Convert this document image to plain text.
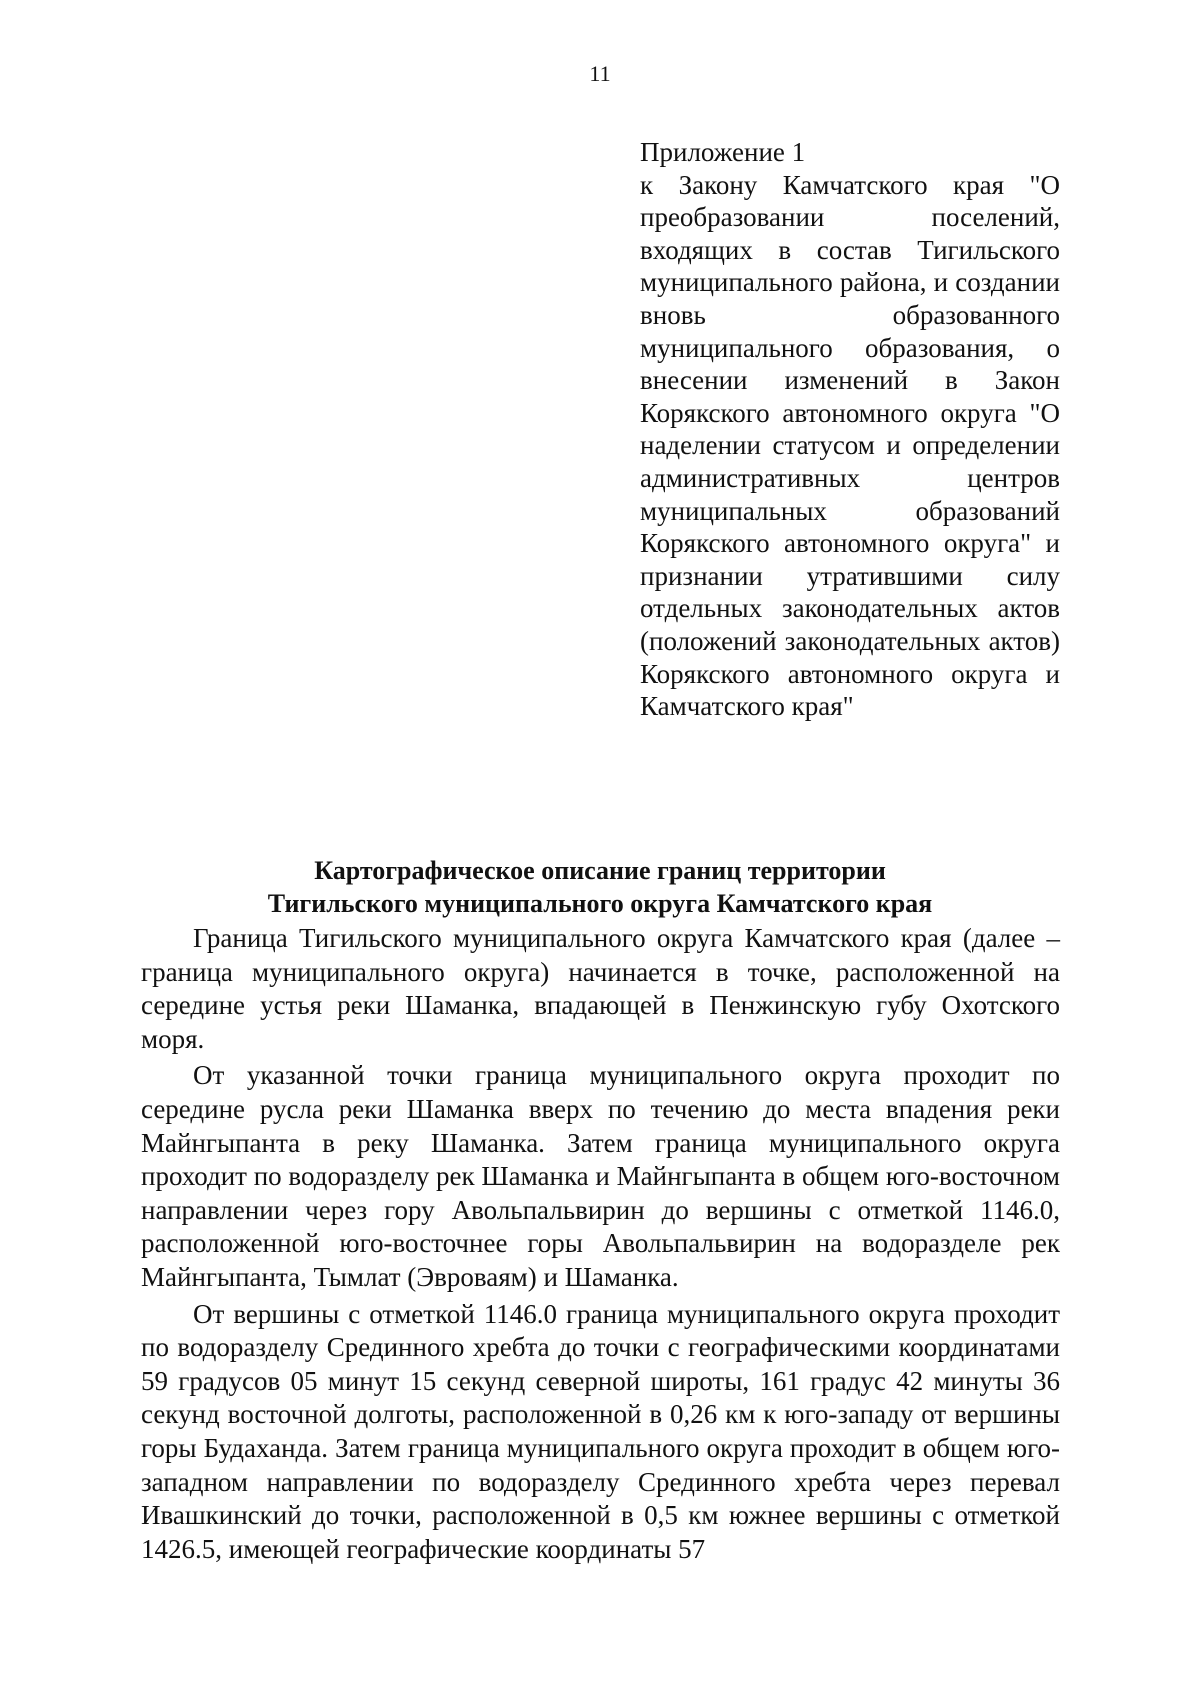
11
Приложение 1
к Закону Камчатского края "О преобразовании поселений, входящих в состав Тигильского муниципального района, и создании вновь образованного муниципального образования, о внесении изменений в Закон Корякского автономного округа "О наделении статусом и определении административных центров муниципальных образований Корякского автономного округа" и признании утратившими силу отдельных законодательных актов (положений законодательных актов) Корякского автономного округа и Камчатского края"
Картографическое описание границ территории
Тигильского муниципального округа Камчатского края

Граница Тигильского муниципального округа Камчатского края (далее – граница муниципального округа) начинается в точке, расположенной на середине устья реки Шаманка, впадающей в Пенжинскую губу Охотского моря.

От указанной точки граница муниципального округа проходит по середине русла реки Шаманка вверх по течению до места впадения реки Майнгыпанта в реку Шаманка. Затем граница муниципального округа проходит по водоразделу рек Шаманка и Майнгыпанта в общем юго-восточном направлении через гору Авольпальвирин до вершины с отметкой 1146.0, расположенной юго-восточнее горы Авольпальвирин на водоразделе рек Майнгыпанта, Тымлат (Эвроваям) и Шаманка.

От вершины с отметкой 1146.0 граница муниципального округа проходит по водоразделу Срединного хребта до точки с географическими координатами 59 градусов 05 минут 15 секунд северной широты, 161 градус 42 минуты 36 секунд восточной долготы, расположенной в 0,26 км к юго-западу от вершины горы Будаханда. Затем граница муниципального округа проходит в общем юго-западном направлении по водоразделу Срединного хребта через перевал Ивашкинский до точки, расположенной в 0,5 км южнее вершины с отметкой 1426.5, имеющей географические координаты 57
